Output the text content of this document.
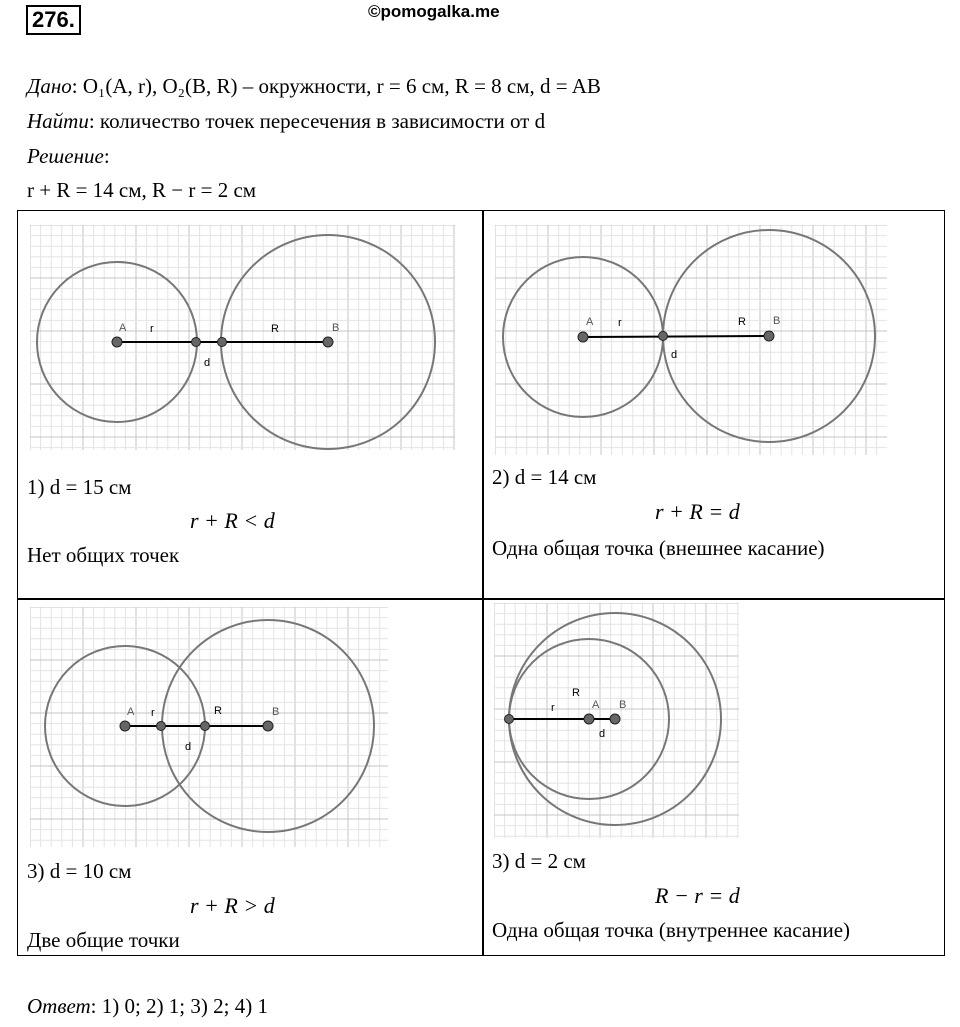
276.	©pomogalka.me
Дано: O₁(A, r), O₂(B, R) – окружности, r = 6 см, R = 8 см, d = AB
Найти: количество точек пересечения в зависимости от d
Решение:
r + R = 14 см, R − r = 2 см
A r	R	B
d
A r	R B
d
A r	R	B
d
r
R
A B
d
1) d = 15 см
r + R < d
Нет общих точек
2) d = 14 см
r + R = d
Одна общая точка (внешнее касание)
3) d = 10 см
r + R > d
Две общие точки
3) d = 2 см
R − r = d
Одна общая точка (внутреннее касание)
Ответ: 1) 0; 2) 1; 3) 2; 4) 1
